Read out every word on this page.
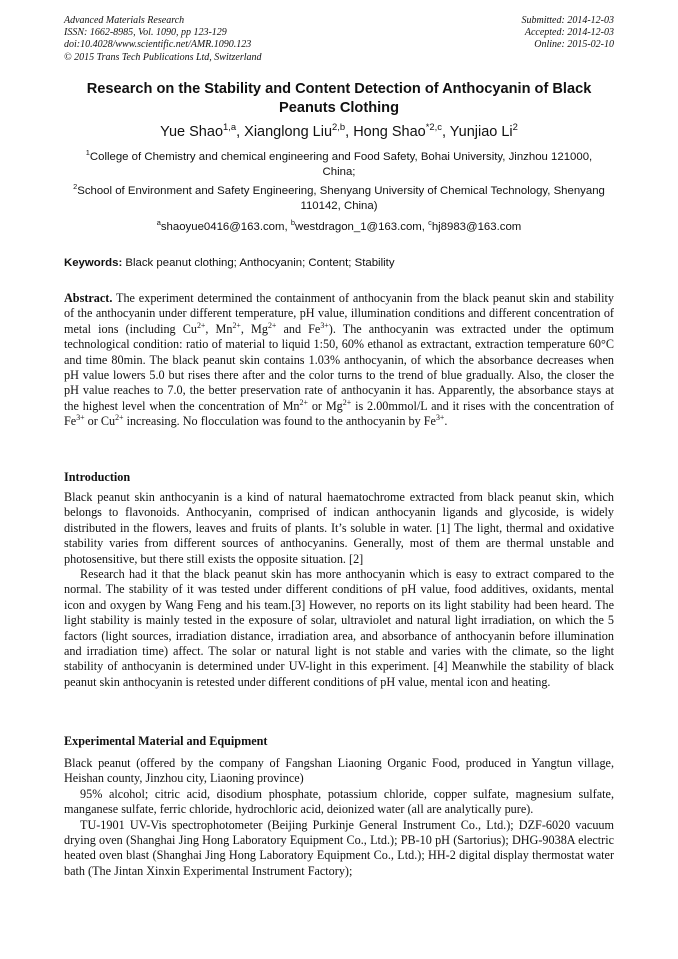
Advanced Materials Research
ISSN: 1662-8985, Vol. 1090, pp 123-129
doi:10.4028/www.scientific.net/AMR.1090.123
© 2015 Trans Tech Publications Ltd, Switzerland
Submitted: 2014-12-03
Accepted: 2014-12-03
Online: 2015-02-10
Research on the Stability and Content Detection of Anthocyanin of Black Peanuts Clothing
Yue Shao$^{1,a}$, Xianglong Liu$^{2,b}$, Hong Shao$^{*2,c}$, Yunjiao Li$^2$
$^1$College of Chemistry and chemical engineering and Food Safety, Bohai University, Jinzhou 121000, China;
$^2$School of Environment and Safety Engineering, Shenyang University of Chemical Technology, Shenyang 110142, China)
$^a$shaoyue0416@163.com, $^b$westdragon_1@163.com, $^c$hj8983@163.com
Keywords: Black peanut clothing; Anthocyanin; Content; Stability
Abstract. The experiment determined the containment of anthocyanin from the black peanut skin and stability of the anthocyanin under different temperature, pH value, illumination conditions and different concentration of metal ions (including $Cu^{2+}$, $Mn^{2+}$, $Mg^{2+}$ and $Fe^{3+}$). The anthocyanin was extracted under the optimum technological condition: ratio of material to liquid 1:50, 60% ethanol as extractant, extraction temperature 60°C and time 80min. The black peanut skin contains 1.03% anthocyanin, of which the absorbance decreases when pH value lowers 5.0 but rises there after and the color turns to the trend of blue gradually. Also, the closer the pH value reaches to 7.0, the better preservation rate of anthocyanin it has. Apparently, the absorbance stays at the highest level when the concentration of $Mn^{2+}$ or $Mg^{2+}$ is 2.00mmol/L and it rises with the concentration of $Fe^{3+}$ or $Cu^{2+}$ increasing. No flocculation was found to the anthocyanin by $Fe^{3+}$.
Introduction

Black peanut skin anthocyanin is a kind of natural haematochrome extracted from black peanut skin, which belongs to flavonoids. Anthocyanin, comprised of indican anthocyanin ligands and glycoside, is widely distributed in the flowers, leaves and fruits of plants. It’s soluble in water. [1] The light, thermal and oxidative stability varies from different sources of anthocyanins. Generally, most of them are thermal unstable and photosensitive, but there still exists the opposite situation. [2]

Research had it that the black peanut skin has more anthocyanin which is easy to extract compared to the normal. The stability of it was tested under different conditions of pH value, food additives, oxidants, mental icon and oxygen by Wang Feng and his team.[3] However, no reports on its light stability had been heard. The light stability is mainly tested in the exposure of solar, ultraviolet and natural light irradiation, on which the 5 factors (light sources, irradiation distance, irradiation area, and absorbance of anthocyanin before illumination and irradiation time) affect. The solar or natural light is not stable and varies with the climate, so the light stability of anthocyanin is determined under UV-light in this experiment. [4] Meanwhile the stability of black peanut skin anthocyanin is retested under different conditions of pH value, mental icon and heating.

Experimental Material and Equipment

Black peanut (offered by the company of Fangshan Liaoning Organic Food, produced in Yangtun village, Heishan county, Jinzhou city, Liaoning province)

95% alcohol; citric acid, disodium phosphate, potassium chloride, copper sulfate, magnesium sulfate, manganese sulfate, ferric chloride, hydrochloric acid, deionized water (all are analytically pure).

TU-1901 UV-Vis spectrophotometer (Beijing Purkinje General Instrument Co., Ltd.); DZF-6020 vacuum drying oven (Shanghai Jing Hong Laboratory Equipment Co., Ltd.); PB-10 pH (Sartorius); DHG-9038A electric heated oven blast (Shanghai Jing Hong Laboratory Equipment Co., Ltd.); HH-2 digital display thermostat water bath (The Jintan Xinxin Experimental Instrument Factory);
